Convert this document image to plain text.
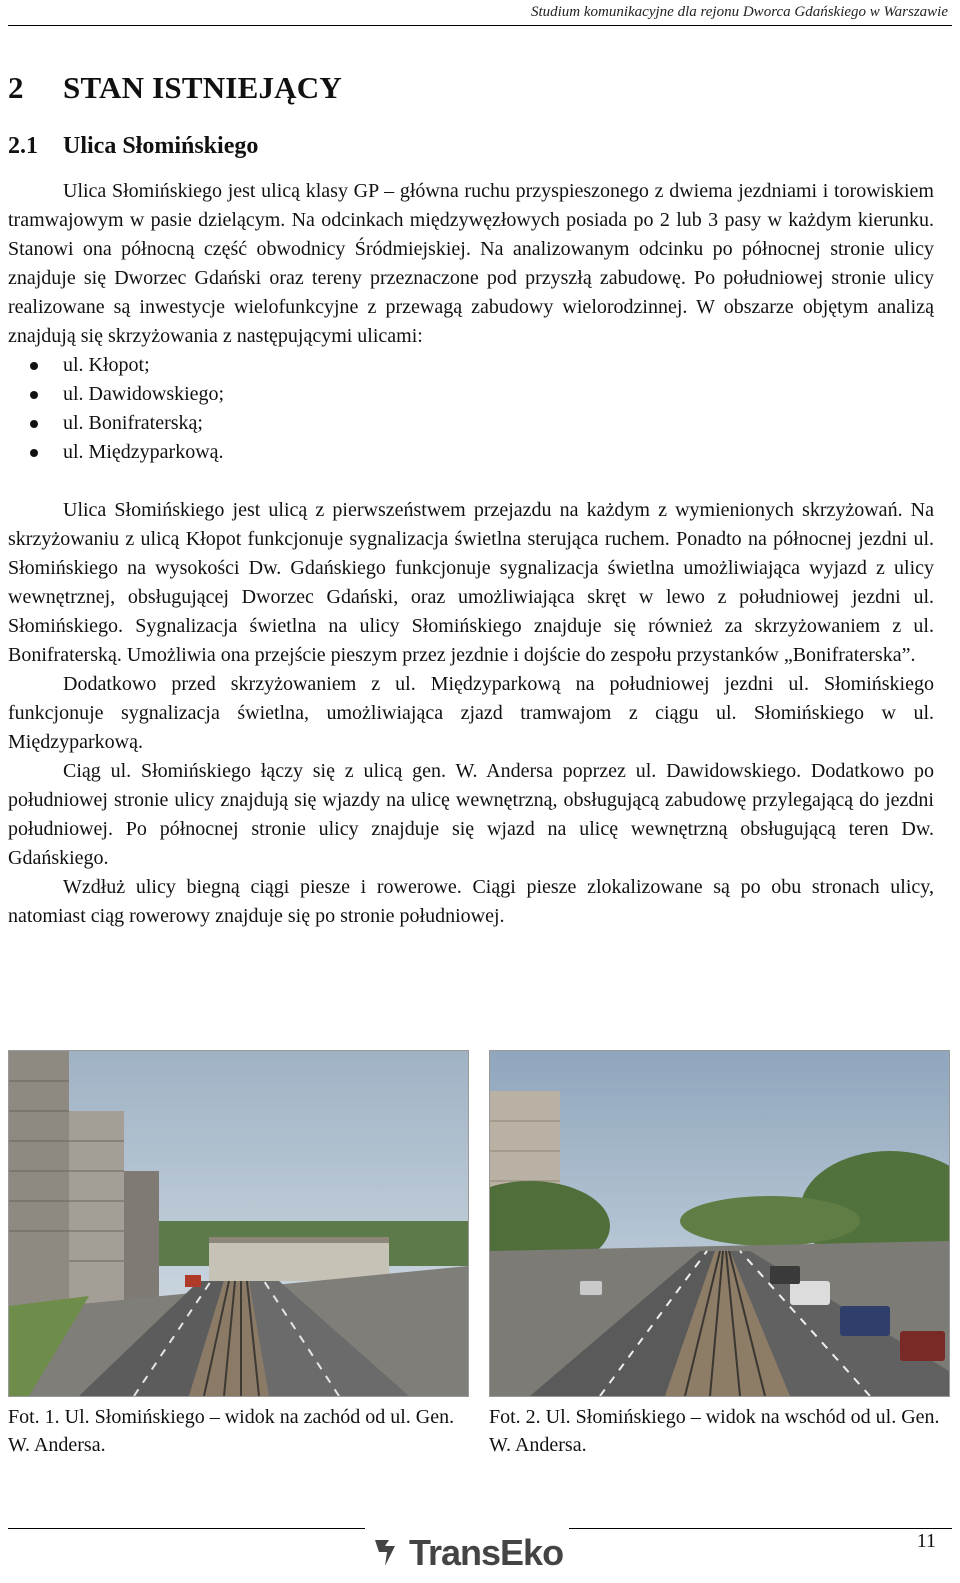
Studium komunikacyjne dla rejonu Dworca Gdańskiego w Warszawie
2 STAN ISTNIEJĄCY
2.1 Ulica Słomińskiego

Ulica Słomińskiego jest ulicą klasy GP – główna ruchu przyspieszonego z dwiema jezdniami i torowiskiem tramwajowym w pasie dzielącym. Na odcinkach międzywęzłowych posiada po 2 lub 3 pasy w każdym kierunku. Stanowi ona północną część obwodnicy Śródmiejskiej. Na analizowanym odcinku po północnej stronie ulicy znajduje się Dworzec Gdański oraz tereny przeznaczone pod przyszłą zabudowę. Po południowej stronie ulicy realizowane są inwestycje wielofunkcyjne z przewagą zabudowy wielorodzinnej. W obszarze objętym analizą znajdują się skrzyżowania z następującymi ulicami:

ul. Kłopot;
ul. Dawidowskiego;
ul. Bonifraterską;
ul. Międzyparkową.

Ulica Słomińskiego jest ulicą z pierwszeństwem przejazdu na każdym z wymienionych skrzyżowań. Na skrzyżowaniu z ulicą Kłopot funkcjonuje sygnalizacja świetlna sterująca ruchem. Ponadto na północnej jezdni ul. Słomińskiego na wysokości Dw. Gdańskiego funkcjonuje sygnalizacja świetlna umożliwiająca wyjazd z ulicy wewnętrznej, obsługującej Dworzec Gdański, oraz umożliwiająca skręt w lewo z południowej jezdni ul. Słomińskiego. Sygnalizacja świetlna na ulicy Słomińskiego znajduje się również za skrzyżowaniem z ul. Bonifraterską. Umożliwia ona przejście pieszym przez jezdnie i dojście do zespołu przystanków „Bonifraterska”.

Dodatkowo przed skrzyżowaniem z ul. Międzyparkową na południowej jezdni ul. Słomińskiego funkcjonuje sygnalizacja świetlna, umożliwiająca zjazd tramwajom z ciągu ul. Słomińskiego w ul. Międzyparkową.

Ciąg ul. Słomińskiego łączy się z ulicą gen. W. Andersa poprzez ul. Dawidowskiego. Dodatkowo po południowej stronie ulicy znajdują się wjazdy na ulicę wewnętrzną, obsługującą zabudowę przylegającą do jezdni południowej. Po północnej stronie ulicy znajduje się wjazd na ulicę wewnętrzną obsługującą teren Dw. Gdańskiego.

Wzdłuż ulicy biegną ciągi piesze i rowerowe. Ciągi piesze zlokalizowane są po obu stronach ulicy, natomiast ciąg rowerowy znajduje się po stronie południowej.

Fot. 1. Ul. Słomińskiego – widok na zachód od ul. Gen. W. Andersa.
Fot. 2. Ul. Słomińskiego – widok na wschód od ul. Gen. W. Andersa.
TransEko	11
